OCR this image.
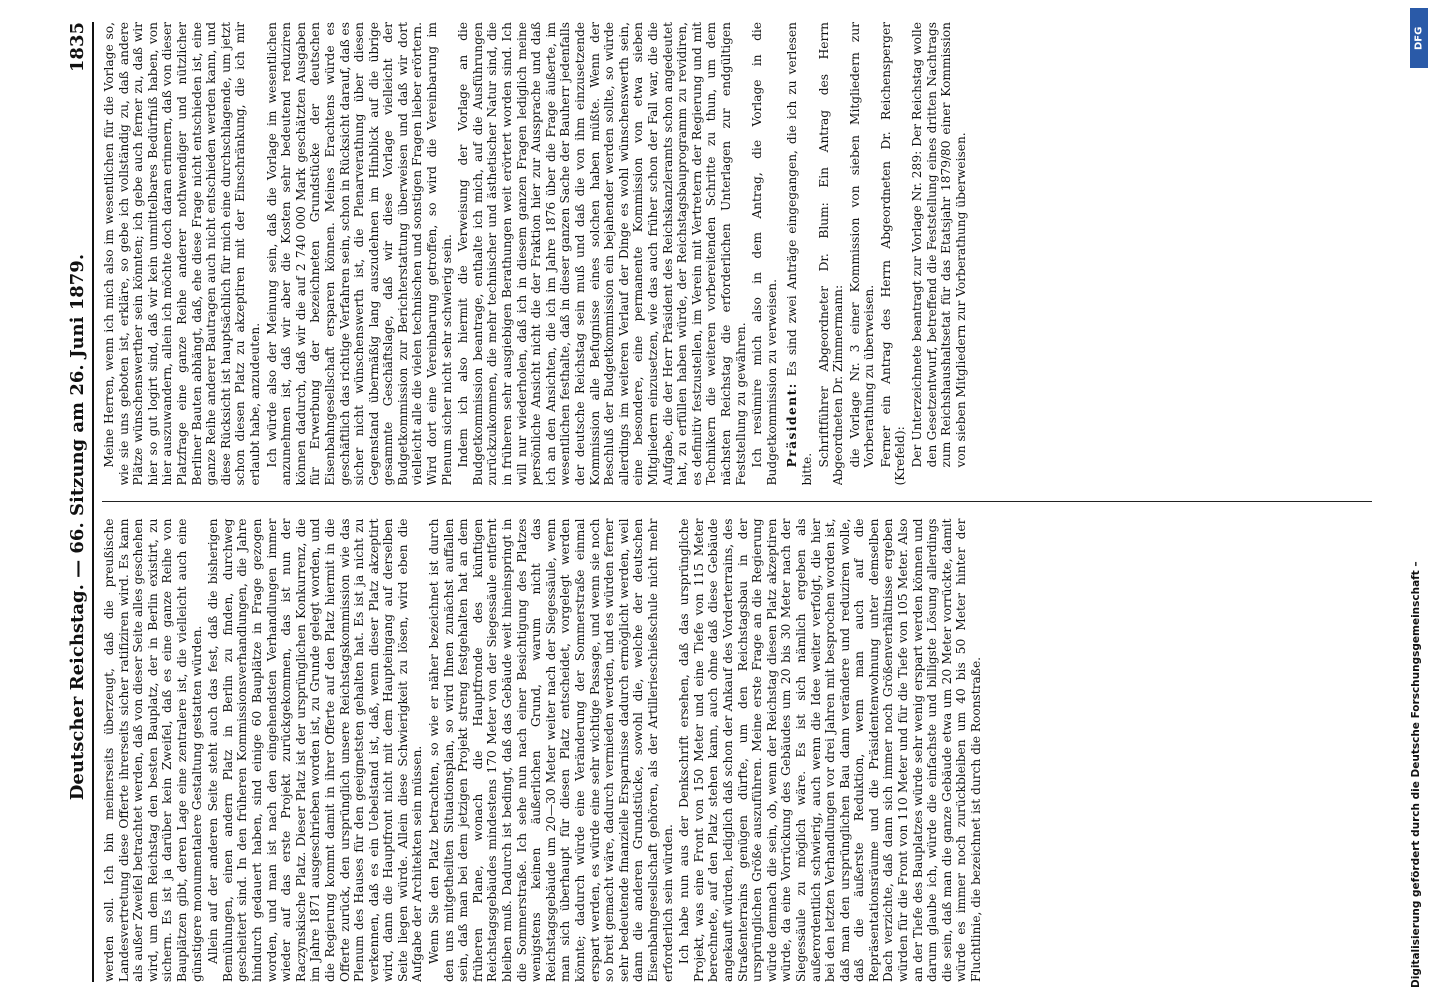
Deutscher Reichstag. — 66. Sitzung am 26. Juni 1879.
1835

werden soll. Ich bin meinerseits überzeugt, daß die preußische Landesvertretung diese Offerte ihrerseits sicher ratifiziren wird. Es kann als außer Zweifel betrachtet werden, daß von dieser Seite alles geschehen wird, um dem Reichstag den besten Bauplatz, der in Berlin existirt, zu sichern. Es ist ja darüber kein Zweifel, daß es eine ganze Reihe von Bauplätzen gibt, deren Lage eine zentralere ist, die vielleicht auch eine günstigere monumentalere Gestaltung gestatten würden. Allein auf der anderen Seite steht auch das fest, daß die bisherigen Bemühungen, einen andern Platz in Berlin zu finden, durchweg gescheitert sind. In den früheren Kommissionsverhandlungen, die Jahre hindurch gedauert haben, sind einige 60 Bauplätze in Frage gezogen worden, und man ist nach den eingehendsten Verhandlungen immer wieder auf das erste Projekt zurückgekommen, das ist nun der Raczynskische Platz. Dieser Platz ist der ursprünglichen Konkurrenz, die im Jahre 1871 ausgeschrieben worden ist, zu Grunde gelegt worden, und die Regierung kommt damit in ihrer Offerte auf den Platz hiermit in die Offerte zurück, den ursprünglich unsere Reichstagskommission wie das Plenum des Hauses für den geeignetsten gehalten hat. Es ist ja nicht zu verkennen, daß es ein Uebelstand ist, daß, wenn dieser Platz akzeptirt wird, dann die Hauptfront nicht mit dem Haupteingang auf derselben Seite liegen würde. Allein diese Schwierigkeit zu lösen, wird eben die Aufgabe der Architekten sein müssen. Wenn Sie den Platz betrachten, so wie er näher bezeichnet ist durch den uns mitgetheilten Situationsplan, so wird Ihnen zunächst auffallen sein, daß man bei dem jetzigen Projekt streng festgehalten hat an dem früheren Plane, wonach die Hauptfronde des künftigen Reichstagsgebäudes mindestens 170 Meter von der Siegessäule entfernt bleiben muß. Dadurch ist bedingt, daß das Gebäude weit hineinspringt in die Sommerstraße. Ich sehe nun nach einer Besichtigung des Platzes wenigstens keinen äußerlichen Grund, warum nicht das Reichstagsgebäude um 20—30 Meter weiter nach der Siegessäule, wenn man sich überhaupt für diesen Platz entscheidet, vorgelegt werden könnte; dadurch würde eine Veränderung der Sommerstraße einmal erspart werden, es würde eine sehr wichtige Passage, und wenn sie noch so breit gemacht wäre, dadurch vermieden werden, und es würden ferner sehr bedeutende finanzielle Ersparnisse dadurch ermöglicht werden, weil dann die anderen Grundstücke, sowohl die, welche der deutschen Eisenbahngesellschaft gehören, als der Artillerieschießschule nicht mehr erforderlich sein würden. Ich habe nun aus der Denkschrift ersehen, daß das ursprüngliche Projekt, was eine Front von 150 Meter und eine Tiefe von 115 Meter berechnete, auf den Platz stehen kann, auch ohne daß diese Gebäude angekauft würden, lediglich daß schon der Ankauf des Vorderterrains, des Straßenterrains genügen dürfte, um den Reichstagsbau in der ursprünglichen Größe auszuführen. Meine erste Frage an die Regierung würde demnach die sein, ob, wenn der Reichstag diesen Platz akzeptiren würde, da eine Vorrückung des Gebäudes um 20 bis 30 Meter nach der Siegessäule zu möglich wäre. Es ist sich nämlich ergeben als außerordentlich schwierig, auch wenn die Idee weiter verfolgt, die hier bei den letzten Verhandlungen vor drei Jahren mit besprochen worden ist, daß man den ursprünglichen Bau dann verändere und reduziren wolle, daß die äußerste Reduktion, wenn man auch auf die Repräsentationsräume und die Präsidentenwohnung unter demselben Dach verzichte, daß dann sich immer noch Größenverhältnisse ergeben würden für die Front von 110 Meter und für die Tiefe von 105 Meter. Also an der Tiefe des Bauplatzes würde sehr wenig erspart werden können und darum glaube ich, würde die einfachste und billigste Lösung allerdings die sein, daß man die ganze Gebäude etwa um 20 Meter vorrückte, damit würde es immer noch zurückbleiben um 40 bis 50 Meter hinter der Fluchtlinie, die bezeichnet ist durch die Roonstraße.

Meine Herren, wenn ich mich also im wesentlichen für die Vorlage so, wie sie uns geboten ist, erkläre, so gebe ich vollständig zu, daß andere Plätze wünschenswerther sein könnten; ich gebe auch ferner zu, daß wir hier so gut logirt sind, daß wir kein unmittelbares Bedürfniß haben, von hier auszuwandern, allein ich möchte doch daran erinnern, daß von dieser Platzfrage eine ganze Reihe anderer nothwendiger und nützlicher Berliner Bauten abhängt, daß, ehe diese Frage nicht entschieden ist, eine ganze Reihe anderer Bautragen auch nicht entschieden werden kann, und diese Rücksicht ist hauptsächlich für mich eine durchschlagende, um jetzt schon diesen Platz zu akzeptiren mit der Einschränkung, die ich mir erlaubt habe, anzudeuten. Ich würde also der Meinung sein, daß die Vorlage im wesentlichen anzunehmen ist, daß wir aber die Kosten sehr bedeutend reduziren können dadurch, daß wir die auf 2 740 000 Mark geschätzten Ausgaben für Erwerbung der bezeichneten Grundstücke der deutschen Eisenbahngesellschaft ersparen können. Meines Erachtens würde es geschäftlich das richtige Verfahren sein, schon in Rücksicht darauf, daß es sicher nicht wünschenswerth ist, die Plenarverathung über diesen Gegenstand übermäßig lang auszudehnen im Hinblick auf die übrige gesammte Geschäftslage, daß wir diese Vorlage vielleicht der Budgetkommission zur Berichterstattung überweisen und daß wir dort vielleicht alle die vielen technischen und sonstigen Fragen lieber erörtern. Wird dort eine Vereinbarung getroffen, so wird die Vereinbarung im Plenum sicher nicht sehr schwierig sein. Indem ich also hiermit die Verweisung der Vorlage an die Budgetkommission beantrage, enthalte ich mich, auf die Ausführungen zurückzukommen, die mehr technischer und ästhetischer Natur sind, die in früheren sehr ausgiebigen Berathungen weit erörtert worden sind. Ich will nur wiederholen, daß ich in diesem ganzen Fragen lediglich meine persönliche Ansicht nicht die der Fraktion hier zur Aussprache und daß ich an den Ansichten, die ich im Jahre 1876 über die Frage äußerte, im wesentlichen festhalte, daß in dieser ganzen Sache der Bauherr jedenfalls der deutsche Reichstag sein muß und daß die von ihm einzusetzende Kommission alle Befugnisse eines solchen haben müßte. Wenn der Beschluß der Budgetkommission ein bejahender werden sollte, so würde allerdings im weiteren Verlauf der Dinge es wohl wünschenswerth sein, eine besondere, eine permanente Kommission von etwa sieben Mitgliedern einzusetzen, wie das auch früher schon der Fall war, die die Aufgabe, die der Herr Präsident des Reichskanzleramts schon angedeutet hat, zu erfüllen haben würde, der Reichstagsbauprogramm zu revidiren, es definitiv festzustellen, im Verein mit Vertretern der Regierung und mit Technikern die weiteren vorbereitenden Schritte zu thun, um dem nächsten Reichstag die erforderlichen Unterlagen zur endgültigen Feststellung zu gewähren. Ich resümire mich also in dem Antrag, die Vorlage in die Budgetkommission zu verweisen. Präsident: Es sind zwei Anträge eingegangen, die ich zu verlesen bitte.

Schriftführer Abgeordneter Dr. Blum: Ein Antrag des Herrn Abgeordneten Dr. Zimmermann: die Vorlage Nr. 3 einer Kommission von sieben Mitgliedern zur Vorberathung zu überweisen. Ferner ein Antrag des Herrn Abgeordneten Dr. Reichensperger (Krefeld): Der Unterzeichnete beantragt zur Vorlage Nr. 289: Der Reichstag wolle den Gesetzentwurf, betreffend die Feststellung eines dritten Nachtrags zum Reichshaushaltsetat für das Etatsjahr 1879/80 einer Kommission von sieben Mitgliedern zur Vorberathung überweisen.

Digitalisierung gefördert durch die Deutsche Forschungsgemeinschaft –
DFG
